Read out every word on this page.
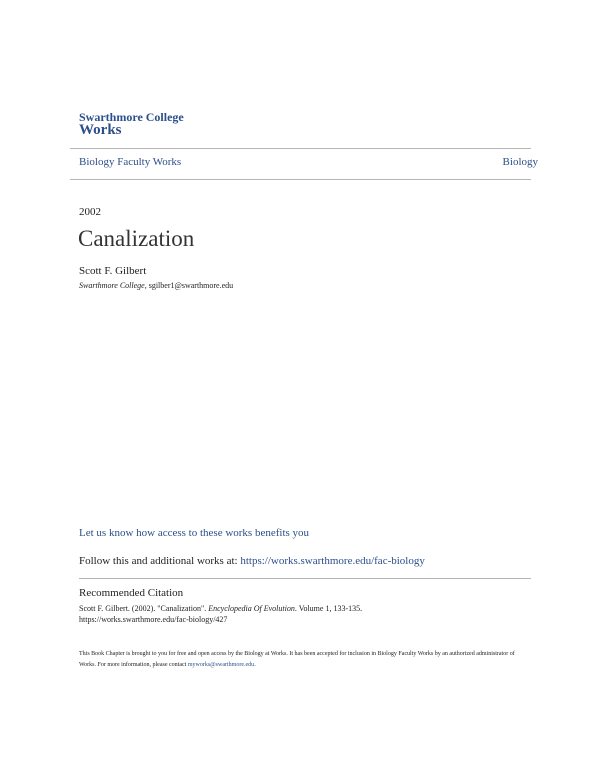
Swarthmore College
Works
Biology Faculty Works	Biology
2002
Canalization
Scott F. Gilbert
Swarthmore College, sgilber1@swarthmore.edu
Let us know how access to these works benefits you
Follow this and additional works at: https://works.swarthmore.edu/fac-biology
Recommended Citation
Scott F. Gilbert. (2002). "Canalization". Encyclopedia Of Evolution. Volume 1, 133-135.
https://works.swarthmore.edu/fac-biology/427
This Book Chapter is brought to you for free and open access by the Biology at Works. It has been accepted for inclusion in Biology Faculty Works by an authorized administrator of Works. For more information, please contact myworks@swarthmore.edu.
